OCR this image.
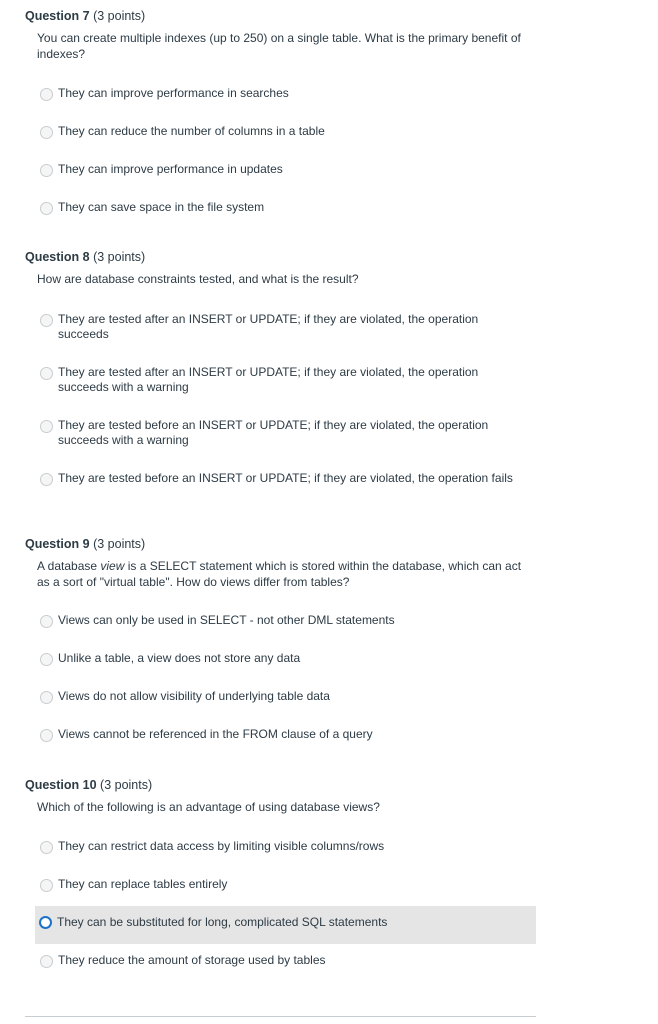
Question 7 (3 points)
You can create multiple indexes (up to 250) on a single table. What is the primary benefit of indexes?
They can improve performance in searches
They can reduce the number of columns in a table
They can improve performance in updates
They can save space in the file system
Question 8 (3 points)
How are database constraints tested, and what is the result?
They are tested after an INSERT or UPDATE; if they are violated, the operation succeeds
They are tested after an INSERT or UPDATE; if they are violated, the operation succeeds with a warning
They are tested before an INSERT or UPDATE; if they are violated, the operation succeeds with a warning
They are tested before an INSERT or UPDATE; if they are violated, the operation fails
Question 9 (3 points)
A database view is a SELECT statement which is stored within the database, which can act as a sort of "virtual table". How do views differ from tables?
Views can only be used in SELECT - not other DML statements
Unlike a table, a view does not store any data
Views do not allow visibility of underlying table data
Views cannot be referenced in the FROM clause of a query
Question 10 (3 points)
Which of the following is an advantage of using database views?
They can restrict data access by limiting visible columns/rows
They can replace tables entirely
They can be substituted for long, complicated SQL statements
They reduce the amount of storage used by tables
